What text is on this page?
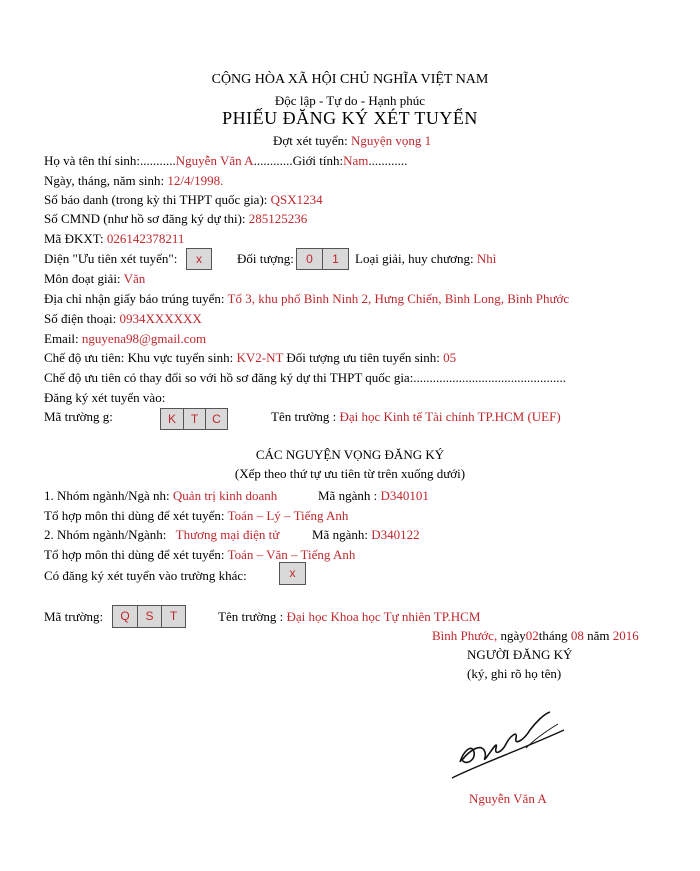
CỘNG HÒA XÃ HỘI CHỦ NGHĨA VIỆT NAM
Độc lập - Tự do - Hạnh phúc
PHIẾU ĐĂNG KÝ XÉT TUYỂN
Đợt xét tuyển: Nguyện vọng 1
Họ và tên thí sinh:...........Nguyễn Văn A............Giới tính:Nam............
Ngày, tháng, năm sinh: 12/4/1998.
Số báo danh (trong kỳ thi THPT quốc gia): QSX1234
Số CMND (như hồ sơ đăng ký dự thi): 285125236
Mã ĐKXT: 026142378211
Diện "Ưu tiên xét tuyển":	x	Đối tượng:	0	1	Loại giải, huy chương: Nhì
Môn đoạt giải: Văn
Địa chỉ nhận giấy báo trúng tuyển: Tổ 3, khu phố Bình Ninh 2, Hưng Chiến, Bình Long, Bình Phước
Số điện thoại: 0934XXXXXX
Email: nguyena98@gmail.com
Chế độ ưu tiên: Khu vực tuyển sinh: KV2-NT Đối tượng ưu tiên tuyển sinh: 05
Chế độ ưu tiên có thay đổi so với hồ sơ đăng ký dự thi THPT quốc gia:...............................................
Đăng ký xét tuyển vào:
Mã trường g:	K	T	C	Tên trường : Đại học Kinh tế Tài chính TP.HCM (UEF)
CÁC NGUYỆN VỌNG ĐĂNG KÝ
(Xếp theo thứ tự ưu tiên từ trên xuống dưới)
1. Nhóm ngành/Ngà nh: Quản trị kinh doanh	Mã ngành : D340101
Tổ hợp môn thi dùng để xét tuyển: Toán – Lý – Tiếng Anh
2. Nhóm ngành/Ngành: Thương mại điện tử	Mã ngành: D340122
Tổ hợp môn thi dùng để xét tuyển: Toán – Văn – Tiếng Anh
Có đăng ký xét tuyển vào trường khác:	x
Mã trường:	Q	S	T	Tên trường : Đại học Khoa học Tự nhiên TP.HCM
Bình Phước, ngày02tháng 08 năm 2016
NGƯỜI ĐĂNG KÝ
(ký, ghi rõ họ tên)
Nguyễn Văn A
